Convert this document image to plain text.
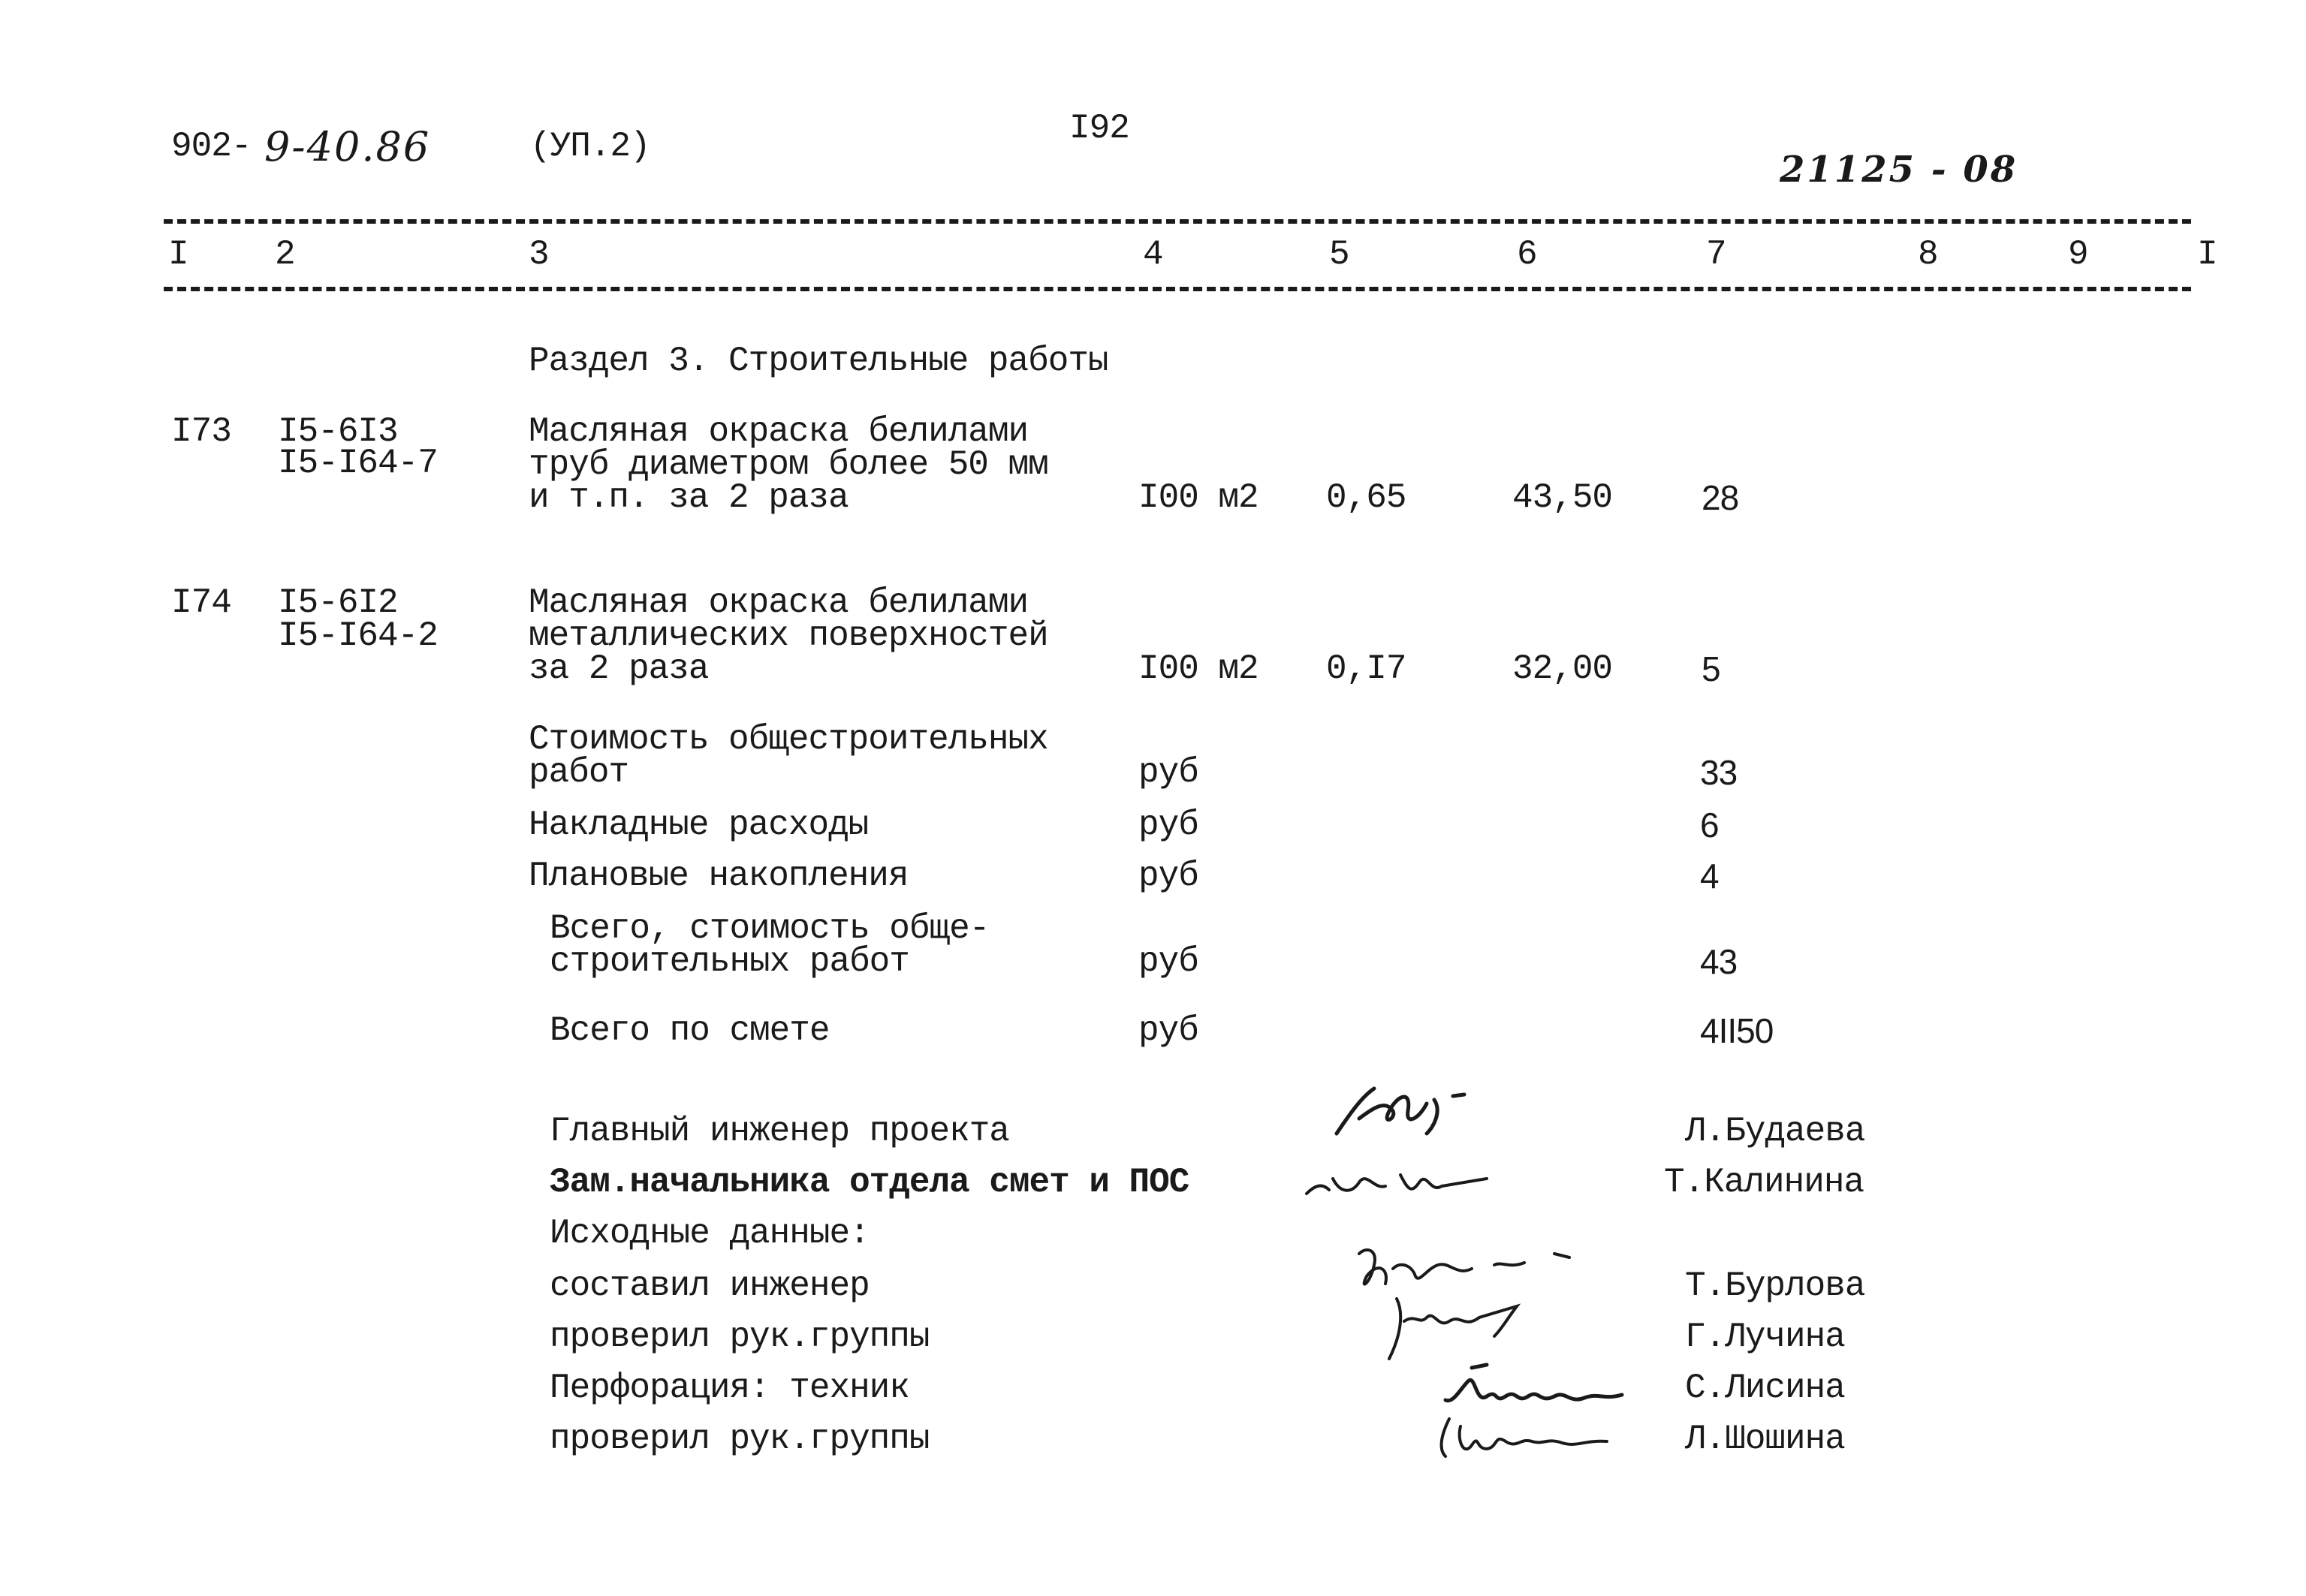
902- 9-40.86	(УП.2)	I92
21125 - 08
I	2	3	4	5	6	7	8	9	I
Раздел 3. Строительные работы
I73 I5-6I3
I5-I64-7
Масляная окраска белилами
труб диаметром более 50 мм
и т.п. за 2 раза	I00 м2 0,65	43,50	28
I74 I5-6I2
I5-I64-2
Масляная окраска белилами
металлических поверхностей
за 2 раза	I00 м2 0,I7	32,00	5
Стоимость общестроительных
работ	руб	33
Накладные расходы	руб	6
Плановые накопления	руб	4
Всего, стоимость обще-
строительных работ	руб	43
Всего по смете	руб	4II50
Главный инженер проекта	Л.Будаева
Зам.начальника отдела смет и ПОС	Т.Калинина
Исходные данные:
составил инженер	Т.Бурлова
проверил рук.группы	Г.Лучина
Перфорация: техник	С.Лисина
проверил рук.группы	Л.Шошина
